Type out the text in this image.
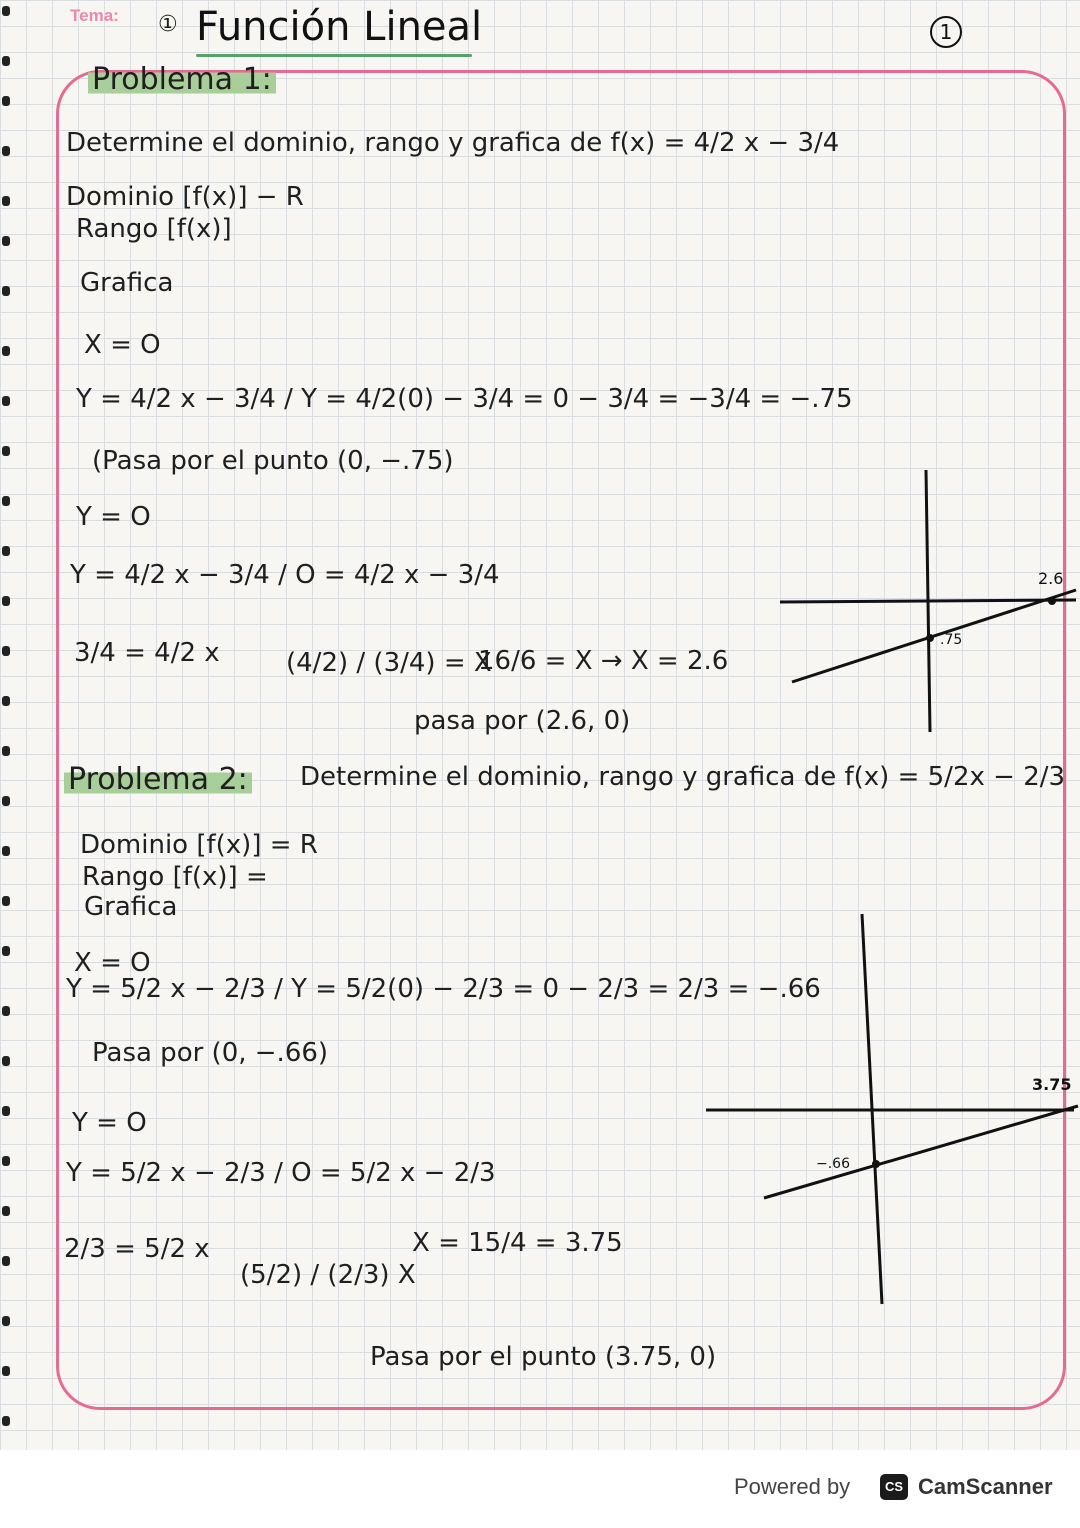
Tema: ① Función Lineal	1
Problema 1:
Determine el dominio, rango y grafica de f(x) = 4/2 x − 3/4
Dominio [f(x)] − R
Rango [f(x)]
Grafica
X = O
Y = 4/2 x − 3/4 / Y = 4/2(0) − 3/4 = 0 − 3/4 = −3/4 = −.75
(Pasa por el punto (0, −.75)
Y = O
Y = 4/2 x − 3/4 / O = 4/2 x − 3/4
3/4 = 4/2 x	(4/2) / (3/4) = X
16/6 = X → X = 2.6
pasa por (2.6, 0)
2.6
.75
Problema 2: Determine el dominio, rango y grafica de f(x) = 5/2x − 2/3
Dominio [f(x)] = R
Rango [f(x)] =
Grafica
X = O
Y = 5/2 x − 2/3 / Y = 5/2(0) − 2/3 = 0 − 2/3 = 2/3 = −.66
Pasa por (0, −.66)
Y = O
Y = 5/2 x − 2/3 / O = 5/2 x − 2/3
2/3 = 5/2 x
(5/2) / (2/3) X
X = 15/4 = 3.75
Pasa por el punto (3.75, 0)
3.75
−.66
Powered by	CS CamScanner
